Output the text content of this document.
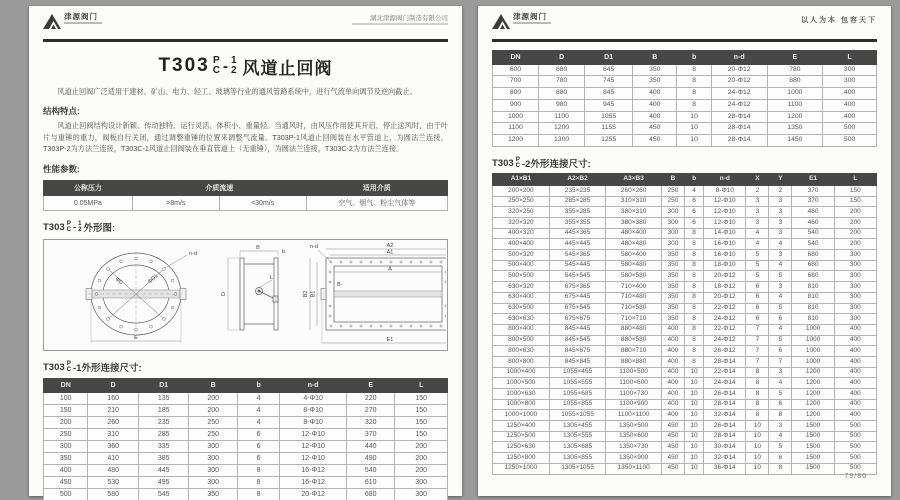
津源阀门	湖北津源阀门制造有限公司
T303 P
C - 1
2 风道止回阀

风道止回阀广泛适用于建材、矿山、电力、轻工、玻璃等行业的通风管路系统中，进行气流单向调节及逆向截止。

结构特点:

风道止回阀结构设计新颖、传动独特、运行灵活、体积小、重量轻。当通风时，由风压作用使其开启，停止送风时，由于叶片与重锤的重力，阀板自行关闭，通过调整重锤的位置来调整气流量。T303P-1风道止回阀装在水平管道上，为圆法兰连接，T303P-2为方法兰连接，T303C-1风道止回阀装在垂直管道上（无重锤），为圆法兰连接，T303C-2为方法兰连接。

性能参数:
公称压力	介质流速		适用介质
0.05MPa	>8m/s	<30m/s	空气、烟气、粉尘气体等
T303 P
C - 1
2 外形图:
ΦD	ΦD1
n-d
E
D
B
b
L
A2
A1
A
B2 B1
B
n-d
E1
T303 P
C -1外形连接尺寸:
DN	D	D1	B	b	n-d	E	L
100	160	135	200	4	4-Φ10	220	150
150	210	185	200	4	8-Φ10	270	150
200	260	235	250	4	8-Φ10	320	150
250	310	285	250	6	12-Φ10	370	150
300	360	335	300	6	12-Φ10	440	200
350	410	385	300	6	12-Φ10	490	200
400	480	445	300	8	16-Φ12	540	200
450	530	495	300	8	16-Φ12	610	300
500	580	545	350	8	20-Φ12	680	300
津源阀门	以人为本 包容天下
DN	D	D1	B	b	n-d	E	L
600	680	645	350	8	20-Φ12	780	300
700	780	745	350	8	20-Φ12	880	300
800	880	845	400	8	24-Φ12	1000	400
900	980	945	400	8	24-Φ12	1100	400
1000	1100	1055	400	10	28-Φ14	1200	400
1100	1200	1155	450	10	28-Φ14	1350	500
1200	1300	1255	450	10	28-Φ14	1450	500
T303 P
C -2外形连接尺寸:
A1×B1	A2×B2	A3×B3	B	b	n-d	X	Y	E1	L
200×200	235×235	260×260	250	4	8-Φ10	2	2	370	150
250×250	285×285	310×310	250	6	12-Φ10	3	3	370	150
320×250	355×285	380×310	300	6	12-Φ10	3	3	460	200
320×320	355×355	380×380	300	6	12-Φ10	3	3	460	200
400×320	445×365	480×400	300	8	14-Φ10	4	3	540	200
400×400	445×445	480×480	300	8	16-Φ10	4	4	540	200
500×320	545×365	580×400	350	8	16-Φ10	5	3	680	300
500×400	545×445	580×480	350	8	18-Φ10	5	4	680	300
500×500	545×545	580×580	350	8	20-Φ12	5	5	680	300
630×320	675×365	710×400	350	8	18-Φ12	6	3	810	300
630×400	675×445	710×480	350	8	20-Φ12	6	4	810	300
630×500	675×545	710×580	350	8	22-Φ12	6	5	810	300
630×630	675×675	710×710	350	8	24-Φ12	6	6	810	300
800×400	845×445	880×480	400	8	22-Φ12	7	4	1000	400
800×500	845×545	880×580	400	8	24-Φ12	7	5	1000	400
800×630	845×675	880×710	400	8	26-Φ12	7	6	1000	400
800×800	845×845	880×880	400	8	28-Φ14	7	7	1000	400
1000×400	1055×455	1100×500	400	10	22-Φ14	8	3	1200	400
1000×500	1055×555	1100×600	400	10	24-Φ14	8	4	1200	400
1000×630	1055×685	1100×730	400	10	26-Φ14	8	5	1200	400
1000×800	1055×855	1100×900	400	10	28-Φ14	8	6	1200	400
1000×1000	1055×1055	1100×1100	400	10	32-Φ14	8	8	1200	400
1250×400	1305×455	1350×500	450	10	26-Φ14	10	3	1500	500
1250×500	1305×555	1350×600	450	10	28-Φ14	10	4	1500	500
1250×630	1305×685	1350×730	450	10	30-Φ14	10	5	1500	500
1250×800	1305×855	1350×900	450	10	32-Φ14	10	6	1500	500
1250×1000	1305×1055	1350×1100	450	10	36-Φ14	10	8	1500	500
79/80
